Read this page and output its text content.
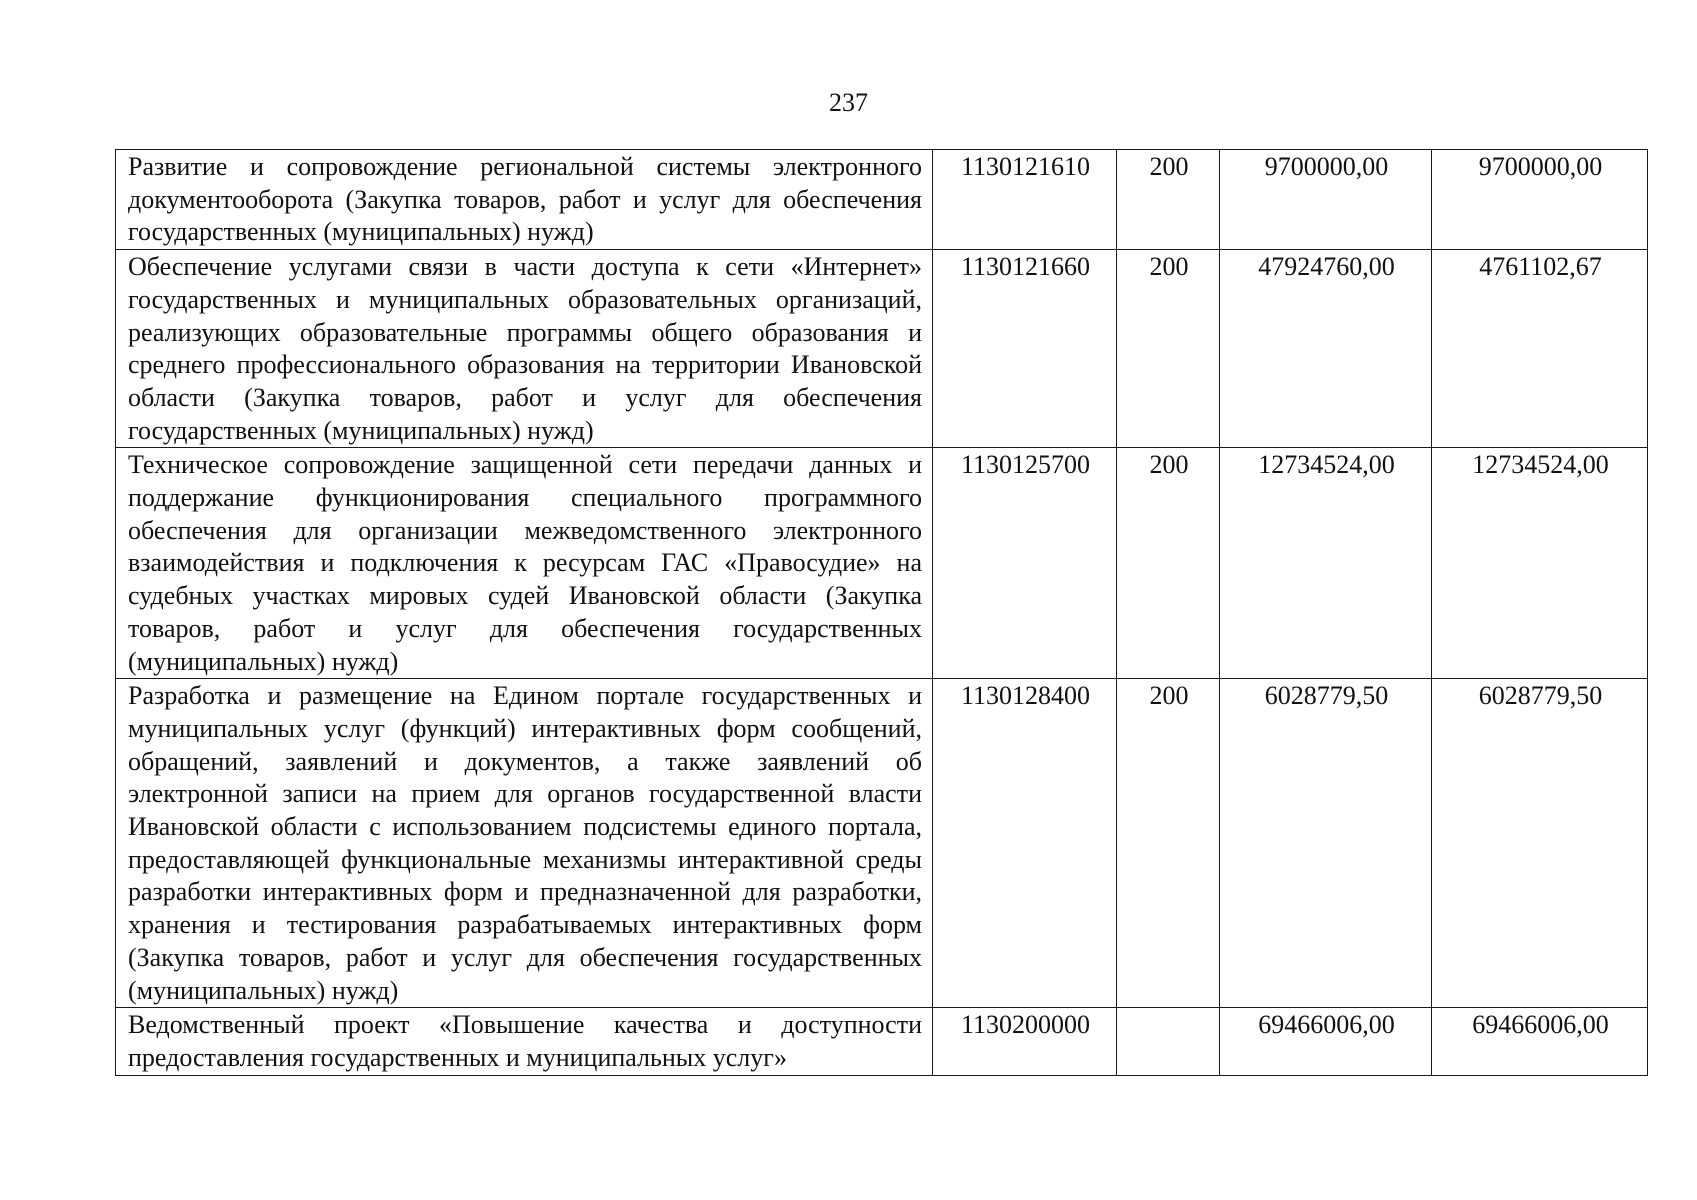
237
Развитие и сопровождение региональной системы электронного документооборота (Закупка товаров, работ и услуг для обеспечения государственных (муниципальных) нужд)	1130121610	200	9700000,00	9700000,00
Обеспечение услугами связи в части доступа к сети «Интернет» государственных и муниципальных образовательных организаций, реализующих образовательные программы общего образования и среднего профессионального образования на территории Ивановской области (Закупка товаров, работ и услуг для обеспечения государственных (муниципальных) нужд)	1130121660	200	47924760,00	4761102,67
Техническое сопровождение защищенной сети передачи данных и поддержание функционирования специального программного обеспечения для организации межведомственного электронного взаимодействия и подключения к ресурсам ГАС «Правосудие» на судебных участках мировых судей Ивановской области (Закупка товаров, работ и услуг для обеспечения государственных (муниципальных) нужд)	1130125700	200	12734524,00	12734524,00
Разработка и размещение на Едином портале государственных и муниципальных услуг (функций) интерактивных форм сообщений, обращений, заявлений и документов, а также заявлений об электронной записи на прием для органов государственной власти Ивановской области с использованием подсистемы единого портала, предоставляющей функциональные механизмы интерактивной среды разработки интерактивных форм и предназначенной для разработки, хранения и тестирования разрабатываемых интерактивных форм (Закупка товаров, работ и услуг для обеспечения государственных (муниципальных) нужд)	1130128400	200	6028779,50	6028779,50
Ведомственный проект «Повышение качества и доступности предоставления государственных и муниципальных услуг»	1130200000		69466006,00	69466006,00
